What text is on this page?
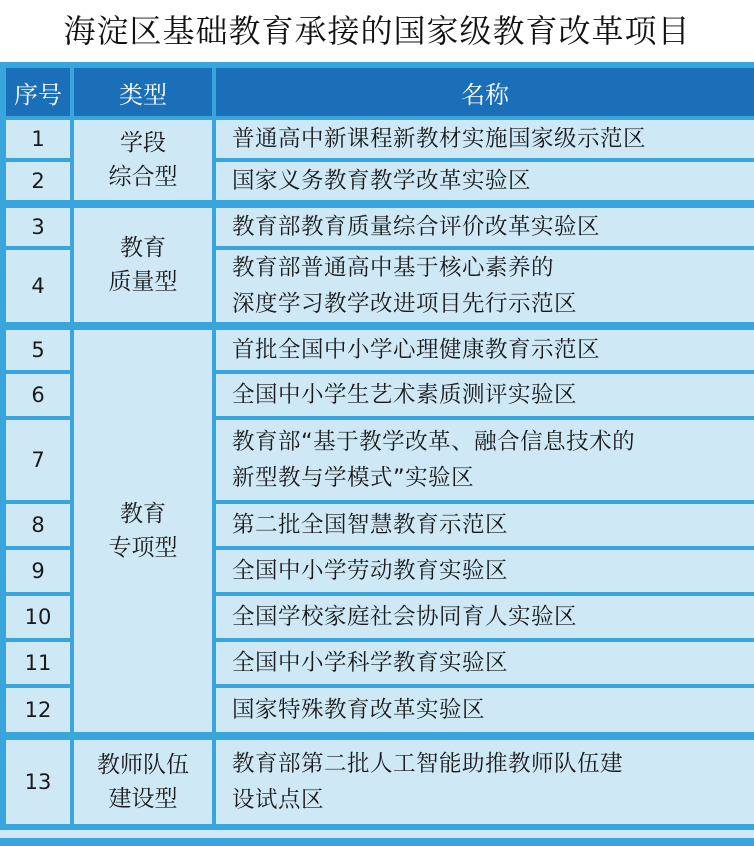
海淀区基础教育承接的国家级教育改革项目
序号	类型	名称
1
2
学段
综合型
普通高中新课程新教材实施国家级示范区
国家义务教育教学改革实验区
3
4
教育
质量型
教育部教育质量综合评价改革实验区
教育部普通高中基于核心素养的
深度学习教学改进项目先行示范区
5
6
7
8
9
10
11
12
教育
专项型
首批全国中小学心理健康教育示范区
全国中小学生艺术素质测评实验区
教育部“基于教学改革、融合信息技术的
新型教与学模式”实验区
第二批全国智慧教育示范区
全国中小学劳动教育实验区
全国学校家庭社会协同育人实验区
全国中小学科学教育实验区
国家特殊教育改革实验区
13
教师队伍
建设型
教育部第二批人工智能助推教师队伍建
设试点区
